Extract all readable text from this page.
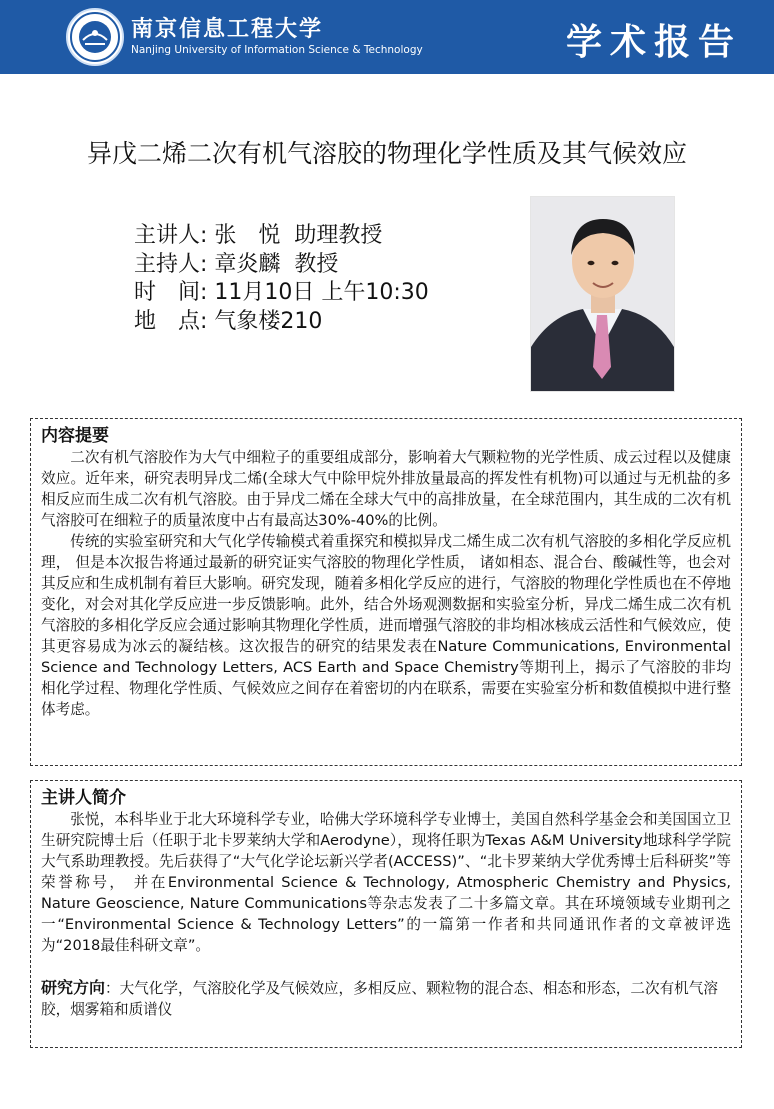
南京信息工程大学
Nanjing University of Information Science & Technology	学术报告
异戊二烯二次有机气溶胶的物理化学性质及其气候效应
主讲人: 张　悦  助理教授
主持人: 章炎麟  教授
时　间: 11月10日 上午10:30
地　点: 气象楼210
内容提要

二次有机气溶胶作为大气中细粒子的重要组成部分，影响着大气颗粒物的光学性质、成云过程以及健康效应。近年来，研究表明异戊二烯(全球大气中除甲烷外排放量最高的挥发性有机物)可以通过与无机盐的多相反应而生成二次有机气溶胶。由于异戊二烯在全球大气中的高排放量，在全球范围内，其生成的二次有机气溶胶可在细粒子的质量浓度中占有最高达30%-40%的比例。

传统的实验室研究和大气化学传输模式着重探究和模拟异戊二烯生成二次有机气溶胶的多相化学反应机理， 但是本次报告将通过最新的研究证实气溶胶的物理化学性质， 诸如相态、混合台、酸碱性等，也会对其反应和生成机制有着巨大影响。研究发现，随着多相化学反应的进行，气溶胶的物理化学性质也在不停地变化，对会对其化学反应进一步反馈影响。此外，结合外场观测数据和实验室分析，异戊二烯生成二次有机气溶胶的多相化学反应会通过影响其物理化学性质，进而增强气溶胶的非均相冰核成云活性和气候效应，使其更容易成为冰云的凝结核。这次报告的研究的结果发表在Nature Communications, Environmental Science and Technology Letters, ACS Earth and Space Chemistry等期刊上，揭示了气溶胶的非均相化学过程、物理化学性质、气候效应之间存在着密切的内在联系，需要在实验室分析和数值模拟中进行整体考虑。

主讲人简介

张悦，本科毕业于北大环境科学专业，哈佛大学环境科学专业博士，美国自然科学基金会和美国国立卫生研究院博士后（任职于北卡罗莱纳大学和Aerodyne），现将任职为Texas A&M University地球科学学院大气系助理教授。先后获得了“大气化学论坛新兴学者(ACCESS)”、“北卡罗莱纳大学优秀博士后科研奖”等荣誉称号， 并在Environmental Science & Technology, Atmospheric Chemistry and Physics, Nature Geoscience, Nature Communications等杂志发表了二十多篇文章。其在环境领域专业期刊之一“Environmental Science & Technology Letters”的一篇第一作者和共同通讯作者的文章被评选为“2018最佳科研文章”。

研究方向：大气化学，气溶胶化学及气候效应，多相反应、颗粒物的混合态、相态和形态，二次有机气溶胶，烟雾箱和质谱仪
